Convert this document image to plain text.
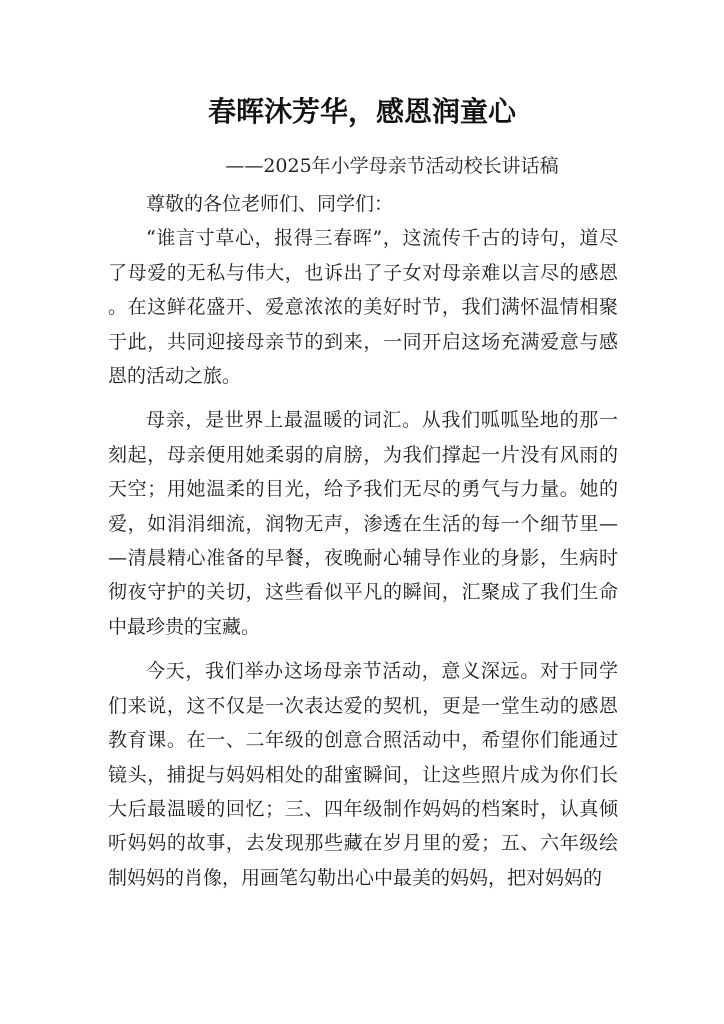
春晖沐芳华，感恩润童心

——2025年小学母亲节活动校长讲话稿

尊敬的各位老师们、同学们：

“谁言寸草心，报得三春晖”，这流传千古的诗句，道尽了母爱的无私与伟大，也诉出了子女对母亲难以言尽的感恩。在这鲜花盛开、爱意浓浓的美好时节，我们满怀温情相聚于此，共同迎接母亲节的到来，一同开启这场充满爱意与感恩的活动之旅。

母亲，是世界上最温暖的词汇。从我们呱呱坠地的那一刻起，母亲便用她柔弱的肩膀，为我们撑起一片没有风雨的天空；用她温柔的目光，给予我们无尽的勇气与力量。她的爱，如涓涓细流，润物无声，渗透在生活的每一个细节里——清晨精心准备的早餐，夜晚耐心辅导作业的身影，生病时彻夜守护的关切，这些看似平凡的瞬间，汇聚成了我们生命中最珍贵的宝藏。

今天，我们举办这场母亲节活动，意义深远。对于同学们来说，这不仅是一次表达爱的契机，更是一堂生动的感恩教育课。在一、二年级的创意合照活动中，希望你们能通过镜头，捕捉与妈妈相处的甜蜜瞬间，让这些照片成为你们长大后最温暖的回忆；三、四年级制作妈妈的档案时，认真倾听妈妈的故事，去发现那些藏在岁月里的爱；五、六年级绘制妈妈的肖像，用画笔勾勒出心中最美的妈妈，把对妈妈的
